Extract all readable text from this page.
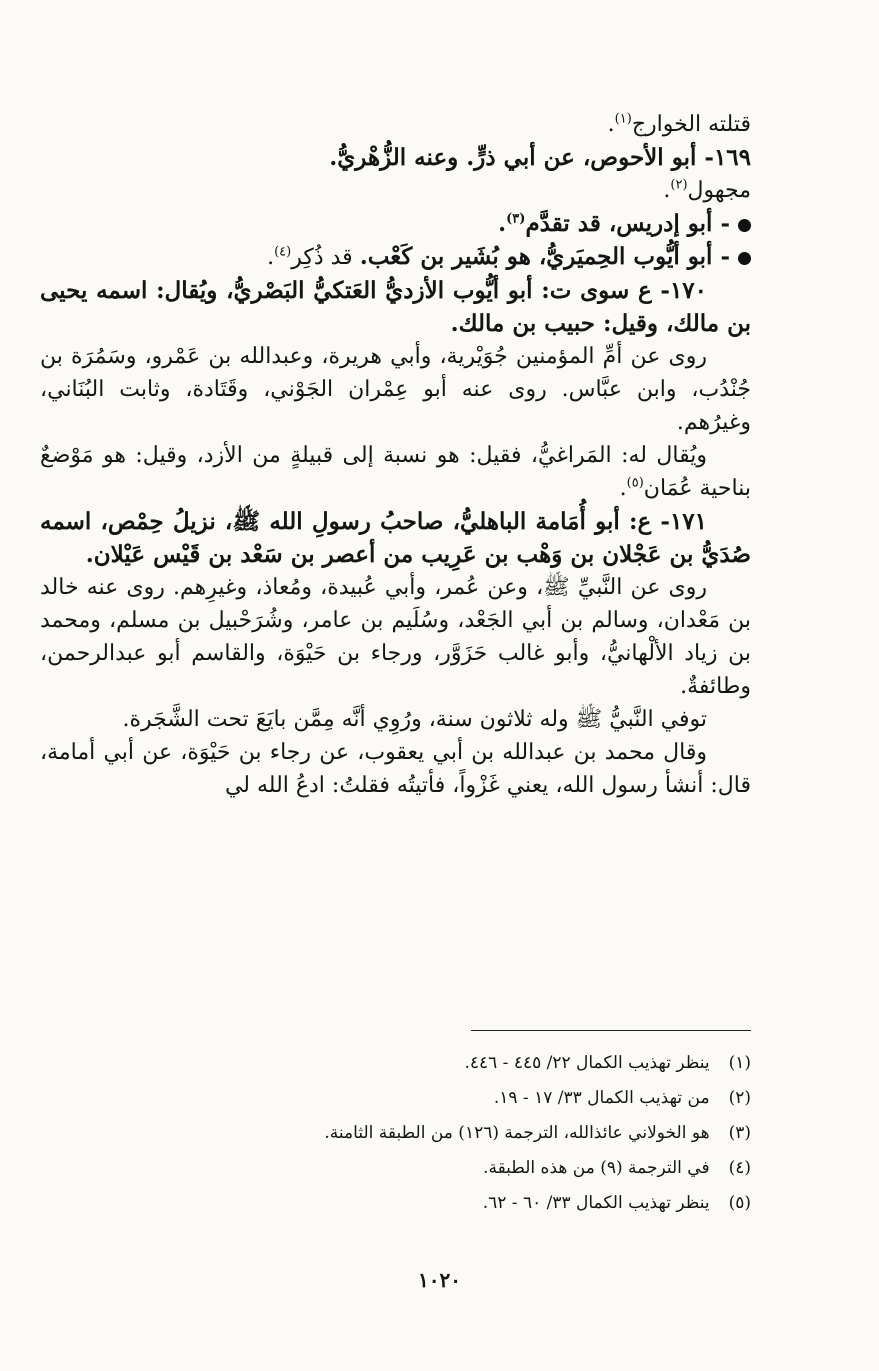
قتلته الخوارج$^{(١)}$.

١٦٩- أبو الأحوص، عن أبي ذرٍّ. وعنه الزُّهْريُّ.

مجهول$^{(٢)}$.

- أبو إدريس، قد تقدَّم$^{(٣)}$.

- أبو أيُّوب الحِميَريُّ، هو بُشَير بن كَعْب. قد ذُكِر$^{(٤)}$.

١٧٠- ع سوى ت: أبو أيُّوب الأزديُّ العَتكيُّ البَصْريُّ، ويُقال: اسمه يحيى بن مالك، وقيل: حبيب بن مالك.

روى عن أمِّ المؤمنين جُوَيْرية، وأبي هريرة، وعبدالله بن عَمْرو، وسَمُرَة بن جُنْدُب، وابن عبَّاس. روى عنه أبو عِمْران الجَوْني، وقَتَادة، وثابت البُنَاني، وغيرُهم.

ويُقال له: المَراغيُّ، فقيل: هو نسبة إلى قبيلةٍ من الأزد، وقيل: هو مَوْضعٌ بناحية عُمَان$^{(٥)}$.

١٧١- ع: أبو أُمَامة الباهليُّ، صاحبُ رسولِ الله ﷺ، نزيلُ حِمْص، اسمه صُدَيُّ بن عَجْلان بن وَهْب بن عَرِيب من أعصر بن سَعْد بن قَيْس عَيْلان.

روى عن النَّبيِّ ﷺ، وعن عُمر، وأبي عُبيدة، ومُعاذ، وغيرِهم. روى عنه خالد بن مَعْدان، وسالم بن أبي الجَعْد، وسُلَيم بن عامر، وشُرَحْبيل بن مسلم، ومحمد بن زياد الألْهانيُّ، وأبو غالب حَزَوَّر، ورجاء بن حَيْوَة، والقاسم أبو عبدالرحمن، وطائفةٌ.

توفي النَّبيُّ ﷺ وله ثلاثون سنة، ورُوِي أنَّه مِمَّن بايَعَ تحت الشَّجَرة.

وقال محمد بن عبدالله بن أبي يعقوب، عن رجاء بن حَيْوَة، عن أبي أمامة، قال: أنشأ رسول الله، يعني غَزْواً، فأتيتُه فقلتُ: ادعُ الله لي

(١) ينظر تهذيب الكمال ٢٢/ ٤٤٥ - ٤٤٦.

(٢) من تهذيب الكمال ٣٣/ ١٧ - ١٩.

(٣) هو الخولاني عائذالله، الترجمة (١٢٦) من الطبقة الثامنة.

(٤) في الترجمة (٩) من هذه الطبقة.

(٥) ينظر تهذيب الكمال ٣٣/ ٦٠ - ٦٢.

١٠٢٠
